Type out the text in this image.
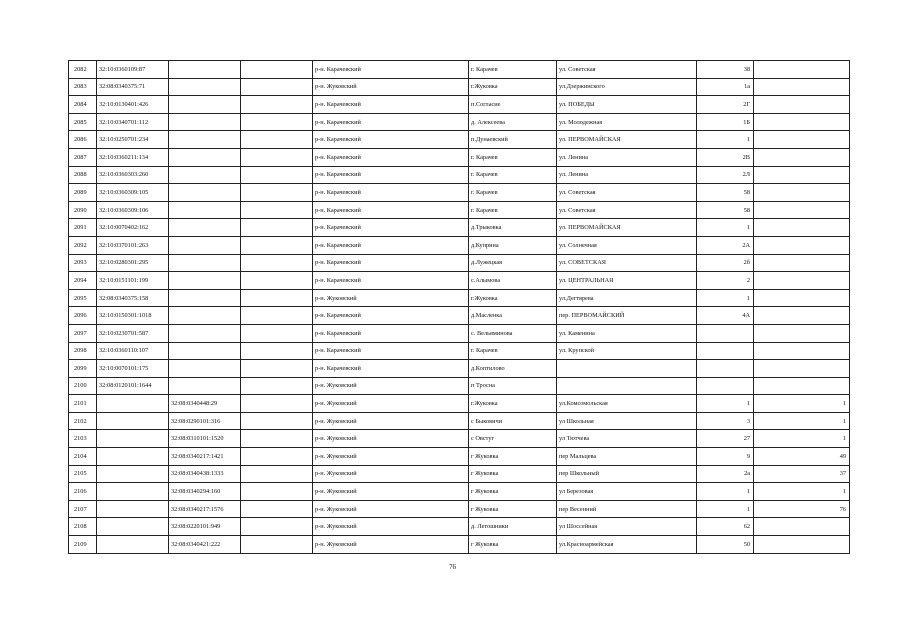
2082	32:10:0360109:87			р-н. Карачевский	г. Карачев	ул. Советская	38	
2083	32:08:0340375:71			р-н. Жуковский	г.Жуковка	ул.Дзержинского	1а	
2084	32:10:0130401:426			р-н. Карачевский	п.Согласие	ул. ПОБЕДЫ	2Г	
2085	32:10:0340701:112			р-н. Карачевский	д. Алексеева	ул. Молодежная	1Б	
2086	32:10:0250701:234			р-н. Карачевский	п.Дунаевский	ул. ПЕРВОМАЙСКАЯ	1	
2087	32:10:0360211:134			р-н. Карачевский	г. Карачев	ул. Ленина	2В	
2088	32:10:0360303:260			р-н. Карачевский	г. Карачев	ул. Ленина	2Л	
2089	32:10:0360309:105			р-н. Карачевский	г. Карачев	ул. Советская	58	
2090	32:10:0360309:106			р-н. Карачевский	г. Карачев	ул. Советская	58	
2091	32:10:0070402:162			р-н. Карачевский	д.Трыковка	ул. ПЕРВОМАЙСКАЯ	1	
2092	32:10:0370101:263			р-н. Карачевский	д.Куприна	ул. Солнечная	2А	
2093	32:10:0280301:295			р-н. Карачевский	д.Лужецкая	ул. СОВЕТСКАЯ	2б	
2094	32:10:0151101:199			р-н. Карачевский	с.Алымова	ул. ЦЕНТРАЛЬНАЯ	2	
2095	32:08:0340375:158			р-н. Жуковский	г.Жуковка	ул.Дегтярева	1	
2096	32:10:0150301:1018			р-н. Карачевский	д.Масленка	пер. ПЕРВОМАЙСКИЙ	4А	
2097	32:10:0230701:587			р-н. Карачевский	с. Вельяминова	ул. Каменина		
2098	32:10:0360110:107			р-н. Карачевский	г. Карачев	ул. Крупской		
2099	32:10:0070101:175			р-н. Карачевский	д.Коптилово			
2100	32:08:0120101:1644			р-н. Жуковский	п Тросна			
2101		32:08:0340448:29		р-н. Жуковский	г.Жуковка	ул.Комсомольская	1	1
2102		32:08:0290101:316		р-н. Жуковский	с Быковичи	ул Школьная	3	1
2103		32:08:0310101:1520		р-н. Жуковский	с Овстуг	ул Тютчева	27	1
2104		32:08:0340217:1421		р-н. Жуковский	г Жуковка	пер Мальцева	9	49
2105		32:08:0340438:1333		р-н. Жуковский	г Жуковка	пер Школьный	2а	37
2106		32:08:0340294:160		р-н. Жуковский	г Жуковка	ул Березовая	1	1
2107		32:08:0340217:1576		р-н. Жуковский	г Жуковка	пер Весенний	1	76
2108		32:08:0220101:949		р-н. Жуковский	д. Летошники	ул Шоссейная	62	
2109		32:08:0340421:222		р-н. Жуковский	г Жуковка	ул.Красноармейская	50	
76
